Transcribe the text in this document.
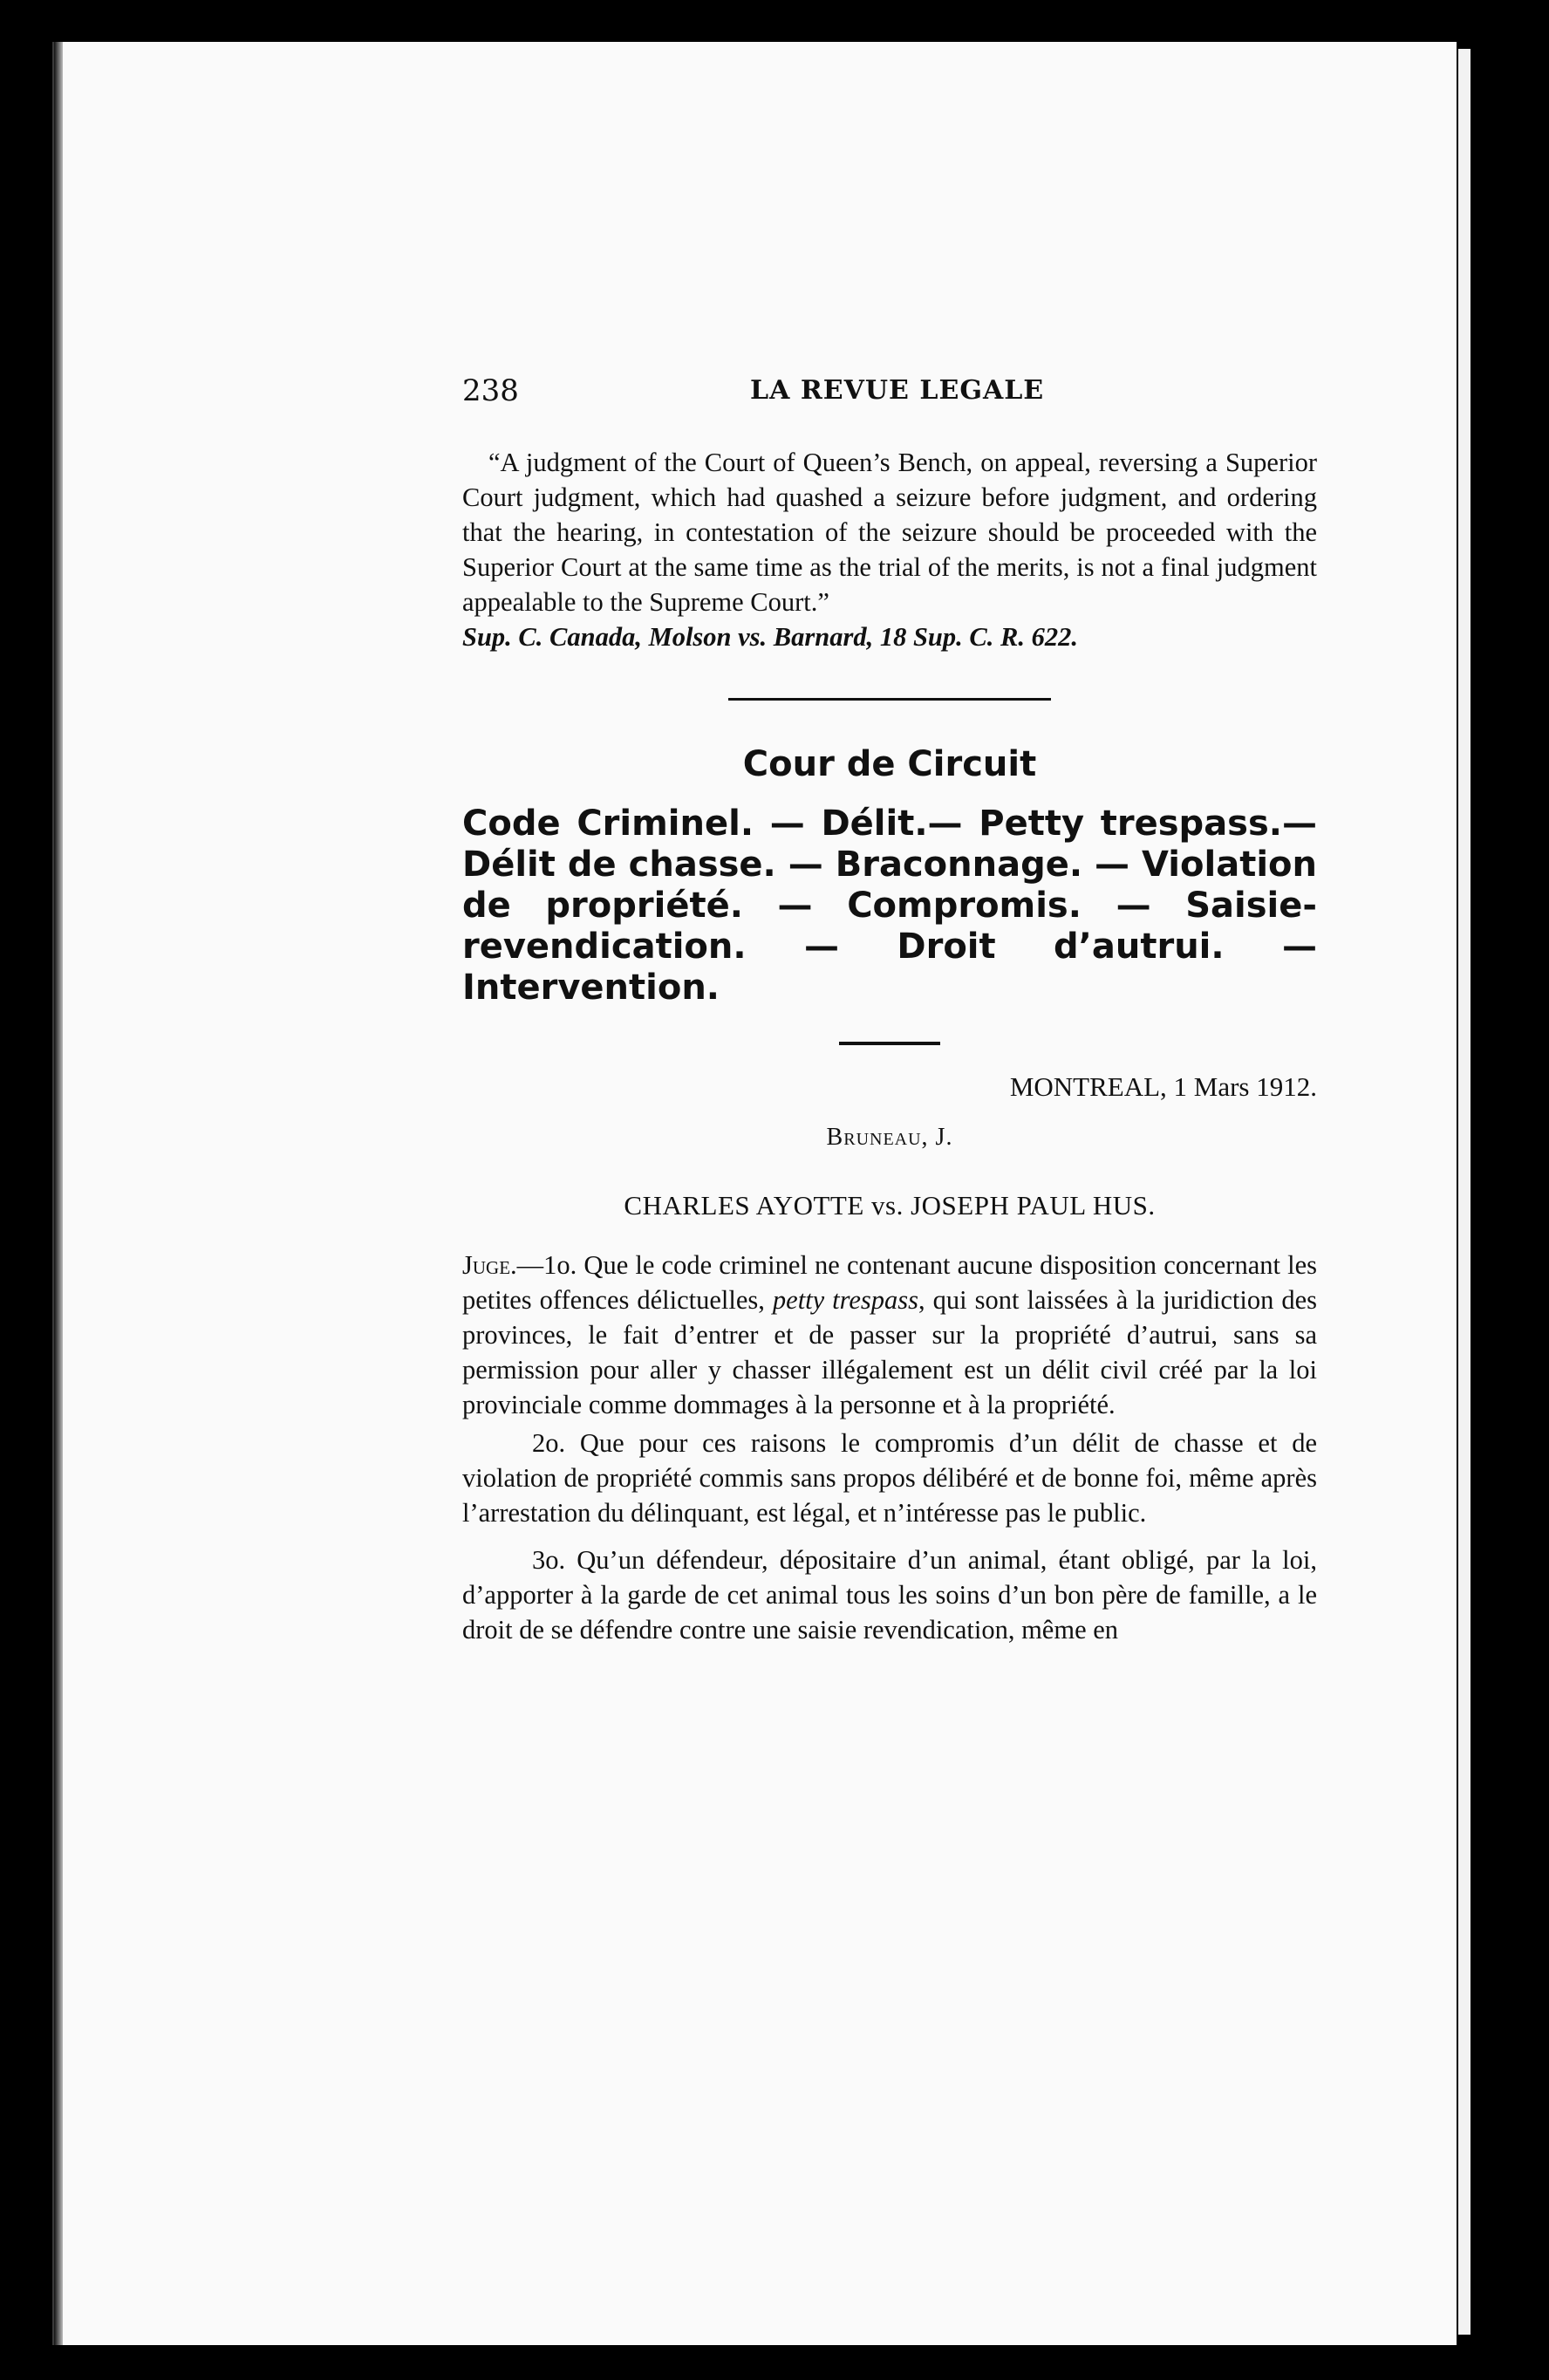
238	LA REVUE LEGALE
“A judgment of the Court of Queen’s Bench, on appeal, reversing a Superior Court judgment, which had quashed a seizure before judgment, and ordering that the hearing, in contestation of the seizure should be proceeded with the Superior Court at the same time as the trial of the merits, is not a final judgment appealable to the Supreme Court.”
Sup. C. Canada, Molson vs. Barnard, 18 Sup. C. R. 622.
Cour de Circuit
Code Criminel. — Délit.— Petty trespass.— Délit de chasse. — Braconnage. — Violation de propriété. — Compromis. — Saisie-revendication. — Droit d’autrui. — Intervention.
MONTREAL, 1 Mars 1912.
Bruneau, J.
CHARLES AYOTTE vs. JOSEPH PAUL HUS.
Juge.—1o. Que le code criminel ne contenant aucune disposition concernant les petites offences délictuelles, petty trespass, qui sont laissées à la juridiction des provinces, le fait d’entrer et de passer sur la propriété d’autrui, sans sa permission pour aller y chasser illégalement est un délit civil créé par la loi provinciale comme dommages à la personne et à la propriété.
2o. Que pour ces raisons le compromis d’un délit de chasse et de violation de propriété commis sans propos délibéré et de bonne foi, même après l’arrestation du délinquant, est légal, et n’intéresse pas le public.
3o. Qu’un défendeur, dépositaire d’un animal, étant obligé, par la loi, d’apporter à la garde de cet animal tous les soins d’un bon père de famille, a le droit de se défendre contre une saisie revendication, même en
